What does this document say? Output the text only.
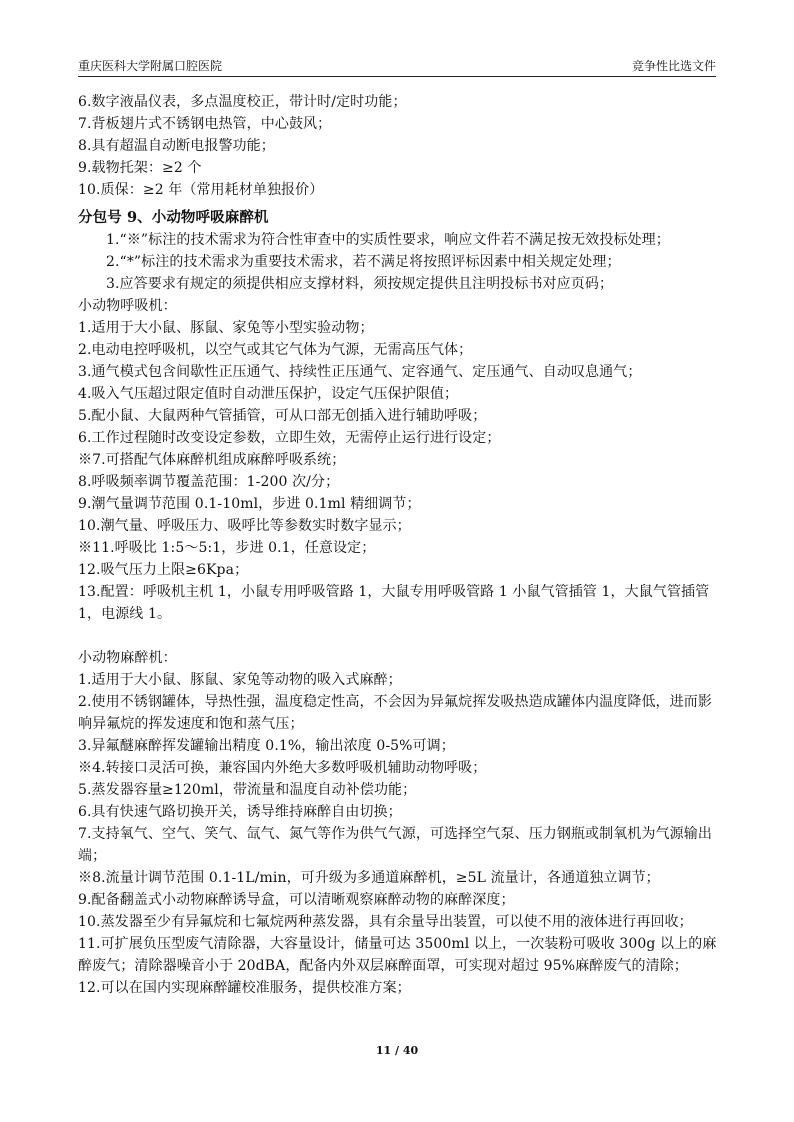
重庆医科大学附属口腔医院	竞争性比选文件

6.数字液晶仪表，多点温度校正，带计时/定时功能；

7.背板翅片式不锈钢电热管，中心鼓风；

8.具有超温自动断电报警功能；

9.载物托架：≥2 个

10.质保：≥2 年（常用耗材单独报价）

分包号 9、小动物呼吸麻醉机

1.“※”标注的技术需求为符合性审查中的实质性要求，响应文件若不满足按无效投标处理；

2.“*”标注的技术需求为重要技术需求，若不满足将按照评标因素中相关规定处理；

3.应答要求有规定的须提供相应支撑材料，须按规定提供且注明投标书对应页码；

小动物呼吸机：

1.适用于大小鼠、豚鼠、家兔等小型实验动物；

2.电动电控呼吸机，以空气或其它气体为气源，无需高压气体；

3.通气模式包含间歇性正压通气、持续性正压通气、定容通气、定压通气、自动叹息通气；

4.吸入气压超过限定值时自动泄压保护，设定气压保护限值；

5.配小鼠、大鼠两种气管插管，可从口部无创插入进行辅助呼吸；

6.工作过程随时改变设定参数，立即生效，无需停止运行进行设定；

※7.可搭配气体麻醉机组成麻醉呼吸系统；

8.呼吸频率调节覆盖范围：1-200 次/分；

9.潮气量调节范围 0.1-10ml，步进 0.1ml 精细调节；

10.潮气量、呼吸压力、吸呼比等参数实时数字显示；

※11.呼吸比 1:5～5:1，步进 0.1，任意设定；

12.吸气压力上限≥6Kpa；

13.配置：呼吸机主机 1，小鼠专用呼吸管路 1，大鼠专用呼吸管路 1 小鼠气管插管 1，大鼠气管插管 1，电源线 1。

小动物麻醉机：

1.适用于大小鼠、豚鼠、家兔等动物的吸入式麻醉；

2.使用不锈钢罐体，导热性强，温度稳定性高，不会因为异氟烷挥发吸热造成罐体内温度降低，进而影响异氟烷的挥发速度和饱和蒸气压；

3.异氟醚麻醉挥发罐输出精度 0.1%，输出浓度 0-5%可调；

※4.转接口灵活可换，兼容国内外绝大多数呼吸机辅助动物呼吸；

5.蒸发器容量≥120ml，带流量和温度自动补偿功能；

6.具有快速气路切换开关，诱导维持麻醉自由切换；

7.支持氧气、空气、笑气、氙气、氮气等作为供气气源，可选择空气泵、压力钢瓶或制氧机为气源输出端；

※8.流量计调节范围 0.1-1L/min，可升级为多通道麻醉机，≥5L 流量计，各通道独立调节；

9.配备翻盖式小动物麻醉诱导盒，可以清晰观察麻醉动物的麻醉深度；

10.蒸发器至少有异氟烷和七氟烷两种蒸发器，具有余量导出装置，可以使不用的液体进行再回收；

11.可扩展负压型废气清除器，大容量设计，储量可达 3500ml 以上，一次装粉可吸收 300g 以上的麻醉废气；清除器噪音小于 20dBA，配备内外双层麻醉面罩，可实现对超过 95%麻醉废气的清除；

12.可以在国内实现麻醉罐校准服务，提供校准方案；

11 / 40
